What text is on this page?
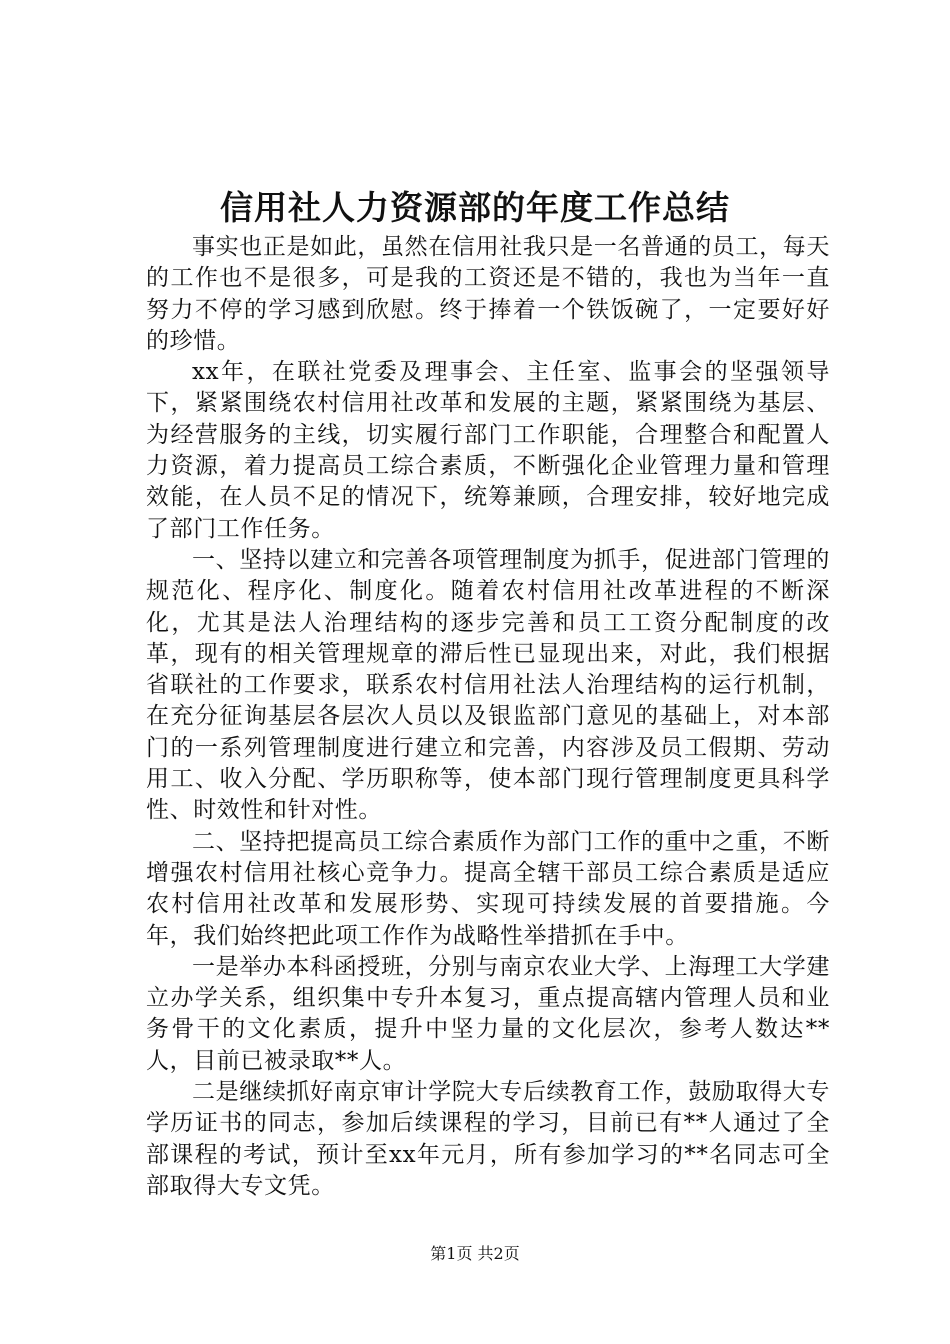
信用社人力资源部的年度工作总结

事实也正是如此，虽然在信用社我只是一名普通的员工，每天的工作也不是很多，可是我的工资还是不错的，我也为当年一直努力不停的学习感到欣慰。终于捧着一个铁饭碗了，一定要好好的珍惜。

xx年，在联社党委及理事会、主任室、监事会的坚强领导下，紧紧围绕农村信用社改革和发展的主题，紧紧围绕为基层、为经营服务的主线，切实履行部门工作职能，合理整合和配置人力资源，着力提高员工综合素质，不断强化企业管理力量和管理效能，在人员不足的情况下，统筹兼顾，合理安排，较好地完成了部门工作任务。

一、坚持以建立和完善各项管理制度为抓手，促进部门管理的规范化、程序化、制度化。随着农村信用社改革进程的不断深化，尤其是法人治理结构的逐步完善和员工工资分配制度的改革，现有的相关管理规章的滞后性已显现出来，对此，我们根据省联社的工作要求，联系农村信用社法人治理结构的运行机制，在充分征询基层各层次人员以及银监部门意见的基础上，对本部门的一系列管理制度进行建立和完善，内容涉及员工假期、劳动用工、收入分配、学历职称等，使本部门现行管理制度更具科学性、时效性和针对性。

二、坚持把提高员工综合素质作为部门工作的重中之重，不断增强农村信用社核心竞争力。提高全辖干部员工综合素质是适应农村信用社改革和发展形势、实现可持续发展的首要措施。今年，我们始终把此项工作作为战略性举措抓在手中。

一是举办本科函授班，分别与南京农业大学、上海理工大学建立办学关系，组织集中专升本复习，重点提高辖内管理人员和业务骨干的文化素质，提升中坚力量的文化层次，参考人数达**人，目前已被录取**人。

二是继续抓好南京审计学院大专后续教育工作，鼓励取得大专学历证书的同志，参加后续课程的学习，目前已有**人通过了全部课程的考试，预计至xx年元月，所有参加学习的**名同志可全部取得大专文凭。

第1页 共2页
